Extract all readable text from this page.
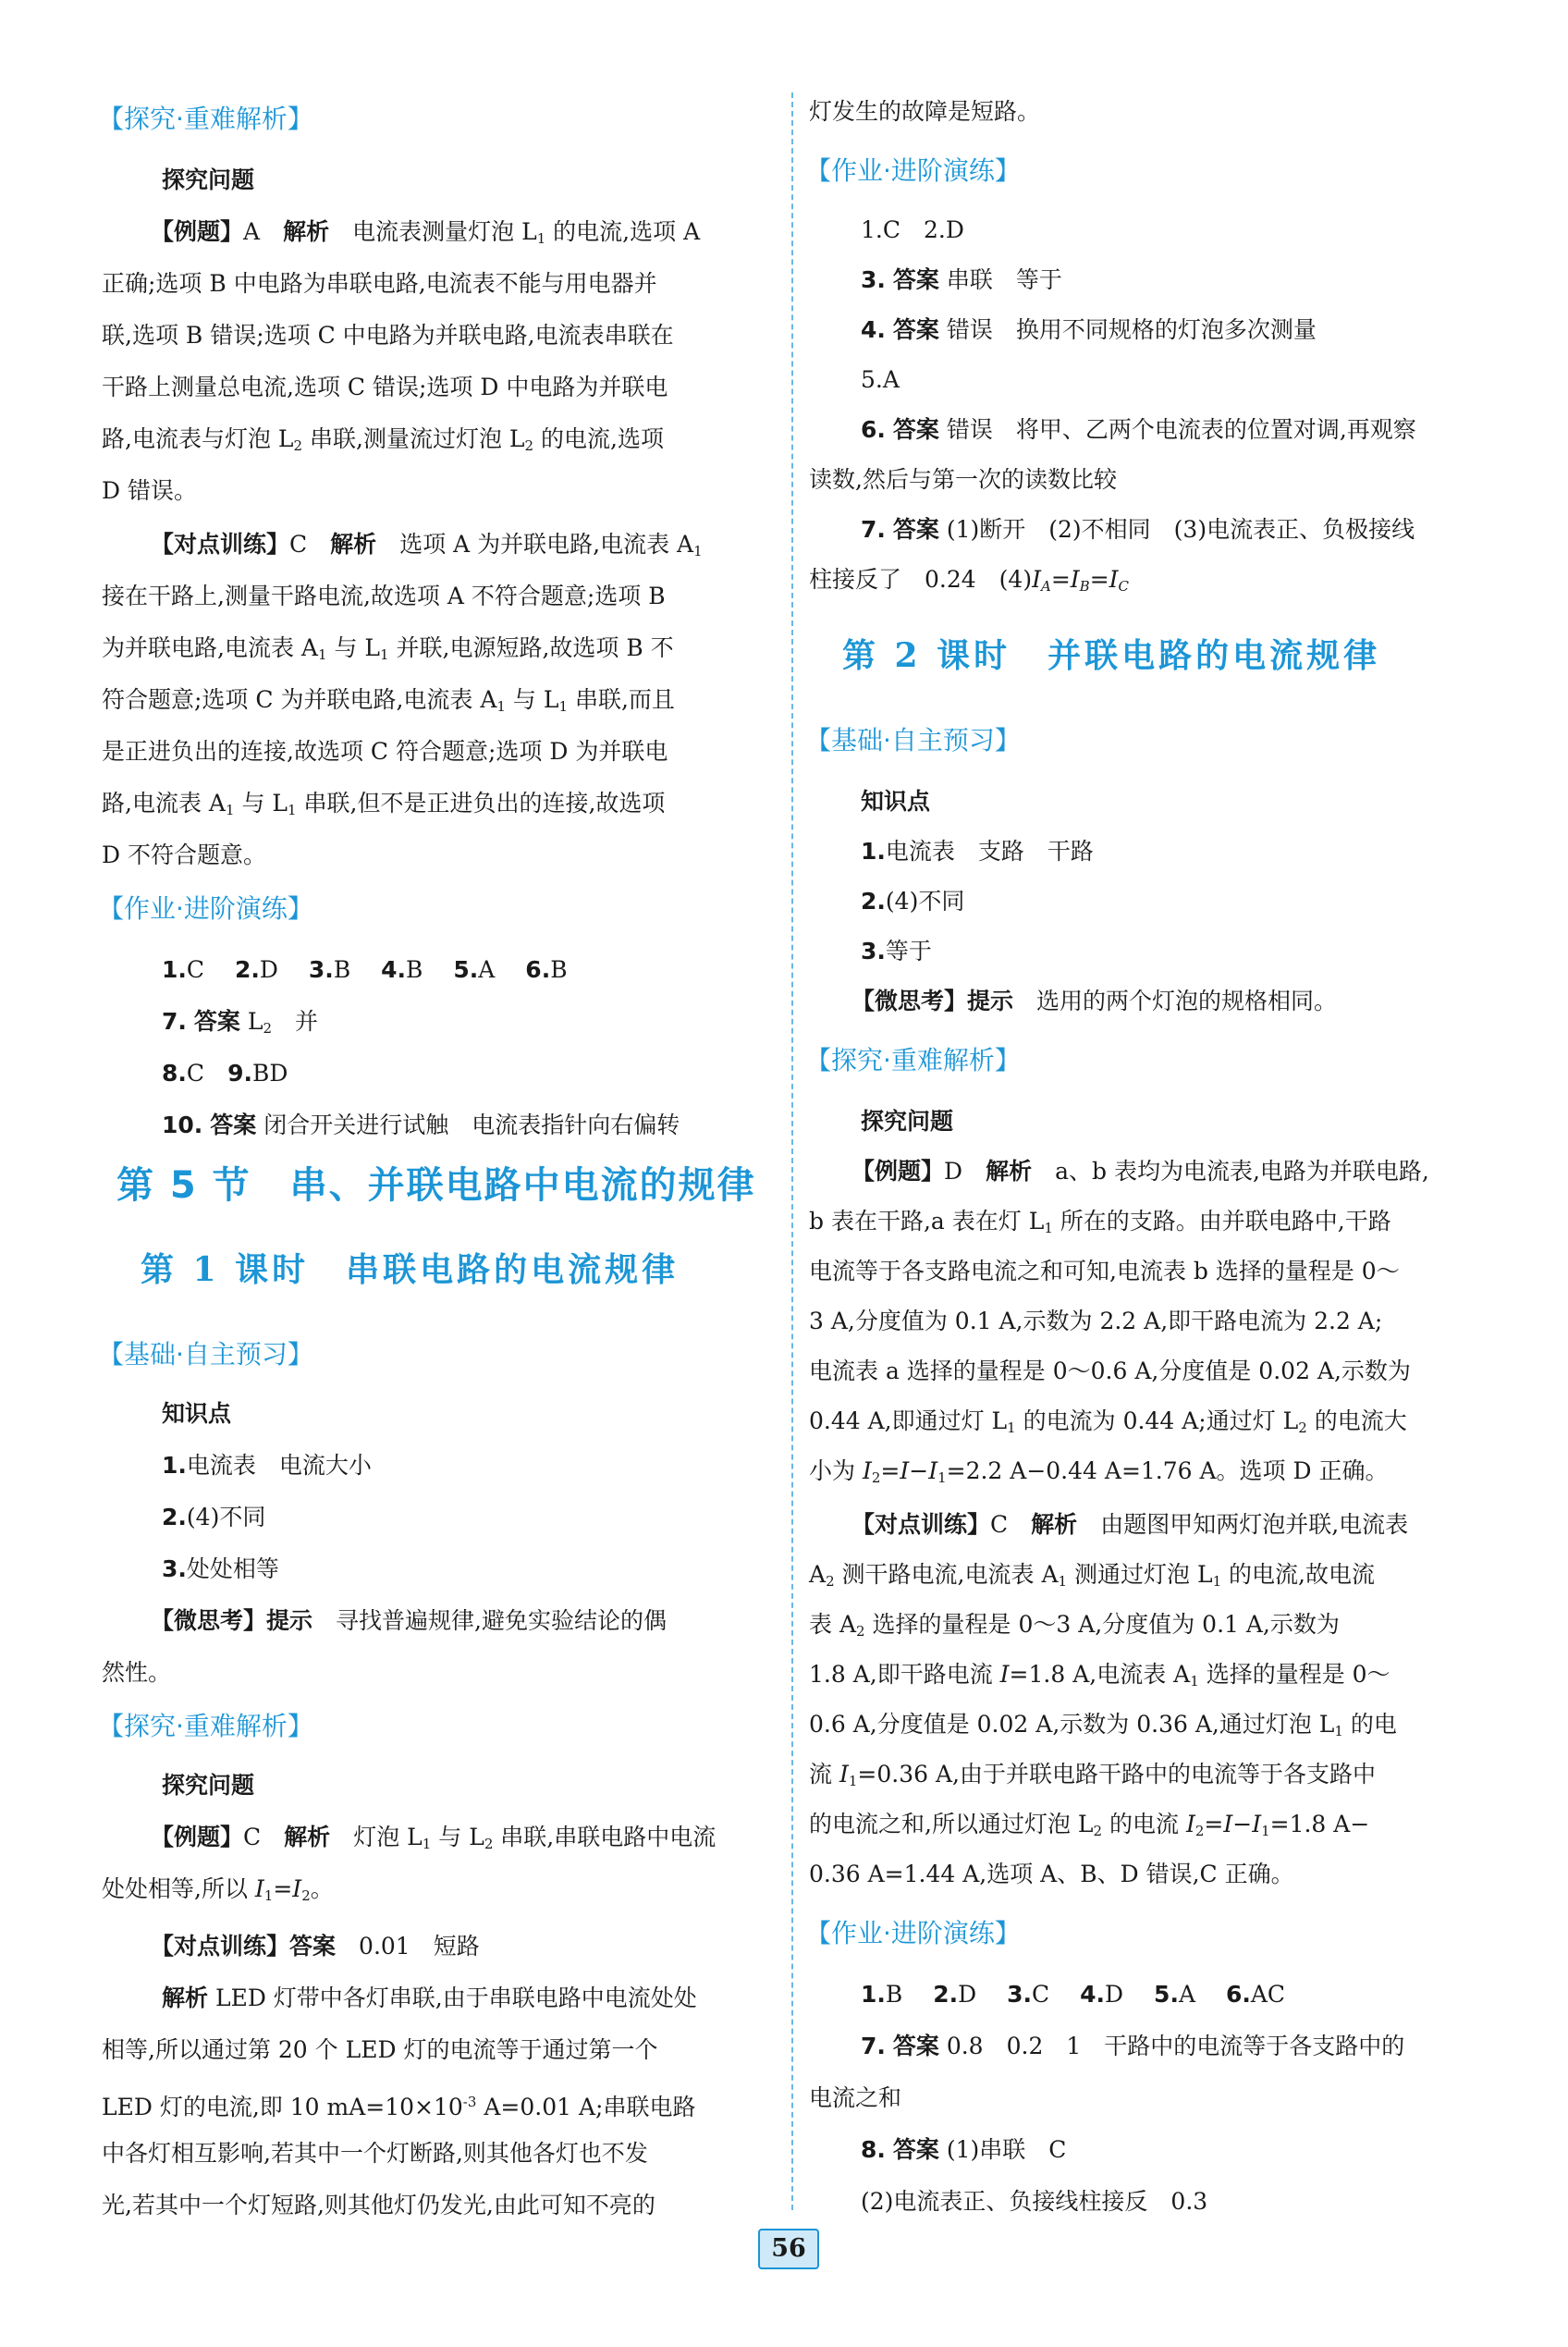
【探究·重难解析】
探究问题
【例题】A　 解析　 电流表测量灯泡 $L_1$ 的电流,选项 A
正确;选项 B 中电路为串联电路,电流表不能与用电器并
联,选项 B 错误;选项 C 中电路为并联电路,电流表串联在
干路上测量总电流,选项 C 错误;选项 D 中电路为并联电
路,电流表与灯泡 $L_2$ 串联,测量流过灯泡 $L_2$ 的电流,选项
D 错误。
【对点训练】C　 解析　 选项 A 为并联电路,电流表 $A_1$
接在干路上,测量干路电流,故选项 A 不符合题意;选项 B
为并联电路,电流表 $A_1$ 与 $L_1$ 并联,电源短路,故选项 B 不
符合题意;选项 C 为并联电路,电流表 $A_1$ 与 $L_1$ 串联,而且
是正进负出的连接,故选项 C 符合题意;选项 D 为并联电
路,电流表 $A_1$ 与 $L_1$ 串联,但不是正进负出的连接,故选项
D 不符合题意。
【作业·进阶演练】
1.C　 2.D　 3.B　 4.B　 5.A　 6.B
7. 答案 $L_2$　 并
8.C　 9.BD
10. 答案 闭合开关进行试触　 电流表指针向右偏转
第 5 节　串、并联电路中电流的规律
第 1 课时　串联电路的电流规律
【基础·自主预习】
知识点
1.电流表　电流大小
2.(4)不同
3.处处相等
【微思考】提示　 寻找普遍规律,避免实验结论的偶
然性。
【探究·重难解析】
探究问题
【例题】C　 解析　 灯泡 $L_1$ 与 $L_2$ 串联,串联电路中电流
处处相等,所以 $I_1=I_2$。
【对点训练】答案　 0.01　短路
解析 LED 灯带中各灯串联,由于串联电路中电流处处
相等,所以通过第 20 个 LED 灯的电流等于通过第一个
LED 灯的电流,即 10 $mA=10\times 10^{-3}$ A=0.01 A;串联电路
中各灯相互影响,若其中一个灯断路,则其他各灯也不发
光,若其中一个灯短路,则其他灯仍发光,由此可知不亮的
灯发生的故障是短路。
【作业·进阶演练】
1.C　2.D
3. 答案 串联　等于
4. 答案 错误　换用不同规格的灯泡多次测量
5.A
6. 答案 错误　将甲、乙两个电流表的位置对调,再观察
读数,然后与第一次的读数比较
7. 答案 (1)断开　(2)不相同　(3)电流表正、负极接线
柱接反了　0.24　$(4)I_A=I_B=I_C$
第 2 课时　并联电路的电流规律
【基础·自主预习】
知识点
1.电流表　支路　干路
2.(4)不同
3.等于
【微思考】提示　 选用的两个灯泡的规格相同。
【探究·重难解析】
探究问题
【例题】D　 解析　 a、b 表均为电流表,电路为并联电路,
b 表在干路,a 表在灯 $L_1$ 所在的支路。由并联电路中,干路
电流等于各支路电流之和可知,电流表 b 选择的量程是 0～
3 A,分度值为 0.1 A,示数为 2.2 A,即干路电流为 2.2 A;
电流表 a 选择的量程是 0～0.6 A,分度值是 0.02 A,示数为
0.44 A,即通过灯 $L_1$ 的电流为 0.44 A;通过灯 $L_2$ 的电流大
小为 $I_2=I-I_1=2.2$ A−0.44 A=1.76 A。选项 D 正确。
【对点训练】C　 解析　 由题图甲知两灯泡并联,电流表
$A_2$ 测干路电流,电流表 $A_1$ 测通过灯泡 $L_1$ 的电流,故电流
表 $A_2$ 选择的量程是 0～3 A,分度值为 0.1 A,示数为
1.8 A,即干路电流 I=1.8 A,电流表 $A_1$ 选择的量程是 0～
0.6 A,分度值是 0.02 A,示数为 0.36 A,通过灯泡 $L_1$ 的电
流 $I_1=0.36$ A,由于并联电路干路中的电流等于各支路中
的电流之和,所以通过灯泡 $L_2$ 的电流 $I_2=I-I_1=1.8$ A−
0.36 A=1.44 A,选项 A、B、D 错误,C 正确。
【作业·进阶演练】
1.B　 2.D　 3.C　 4.D　 5.A　 6.AC
7. 答案 0.8　0.2　1　干路中的电流等于各支路中的
电流之和
8. 答案 (1)串联　C
(2)电流表正、负接线柱接反　0.3
56
